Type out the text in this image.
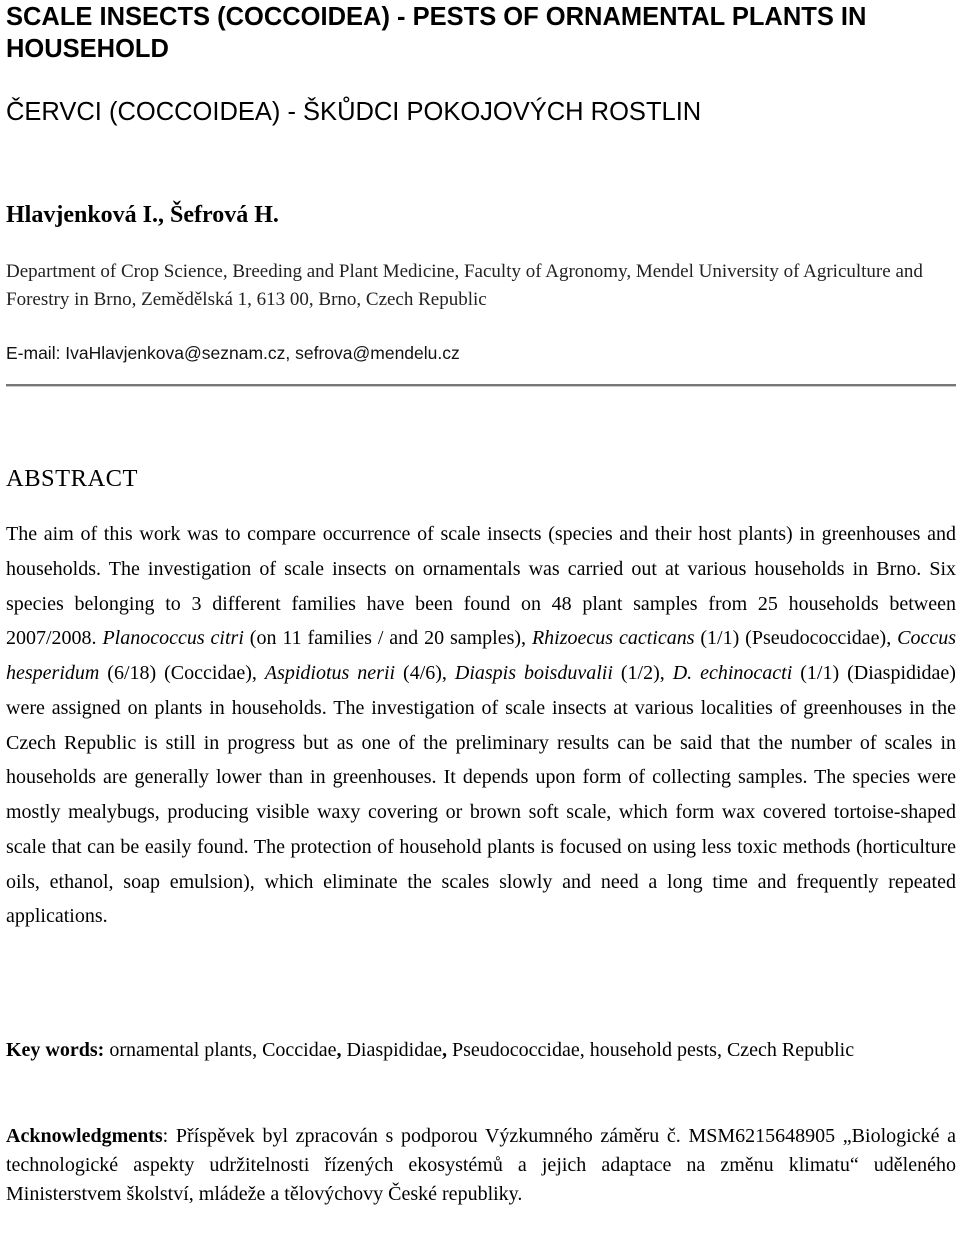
SCALE INSECTS (COCCOIDEA) - PESTS OF ORNAMENTAL PLANTS IN HOUSEHOLD
ČERVCI (COCCOIDEA) - ŠKŮDCI POKOJOVÝCH ROSTLIN
Hlavjenková I., Šefrová H.
Department of Crop Science, Breeding and Plant Medicine, Faculty of Agronomy, Mendel University of Agriculture and Forestry in Brno, Zemědělská 1, 613 00, Brno, Czech Republic
E-mail: IvaHlavjenkova@seznam.cz, sefrova@mendelu.cz
ABSTRACT

The aim of this work was to compare occurrence of scale insects (species and their host plants) in greenhouses and households. The investigation of scale insects on ornamentals was carried out at various households in Brno. Six species belonging to 3 different families have been found on 48 plant samples from 25 households between 2007/2008. Planococcus citri (on 11 families / and 20 samples), Rhizoecus cacticans (1/1) (Pseudococcidae), Coccus hesperidum (6/18) (Coccidae), Aspidiotus nerii (4/6), Diaspis boisduvalii (1/2), D. echinocacti (1/1) (Diaspididae) were assigned on plants in households. The investigation of scale insects at various localities of greenhouses in the Czech Republic is still in progress but as one of the preliminary results can be said that the number of scales in households are generally lower than in greenhouses. It depends upon form of collecting samples. The species were mostly mealybugs, producing visible waxy covering or brown soft scale, which form wax covered tortoise-shaped scale that can be easily found. The protection of household plants is focused on using less toxic methods (horticulture oils, ethanol, soap emulsion), which eliminate the scales slowly and need a long time and frequently repeated applications.

Key words: ornamental plants, Coccidae, Diaspididae, Pseudococcidae, household pests, Czech Republic

Acknowledgments: Příspěvek byl zpracován s podporou Výzkumného záměru č. MSM6215648905 „Biologické a technologické aspekty udržitelnosti řízených ekosystémů a jejich adaptace na změnu klimatu“ uděleného Ministerstvem školství, mládeže a tělovýchovy České republiky.
